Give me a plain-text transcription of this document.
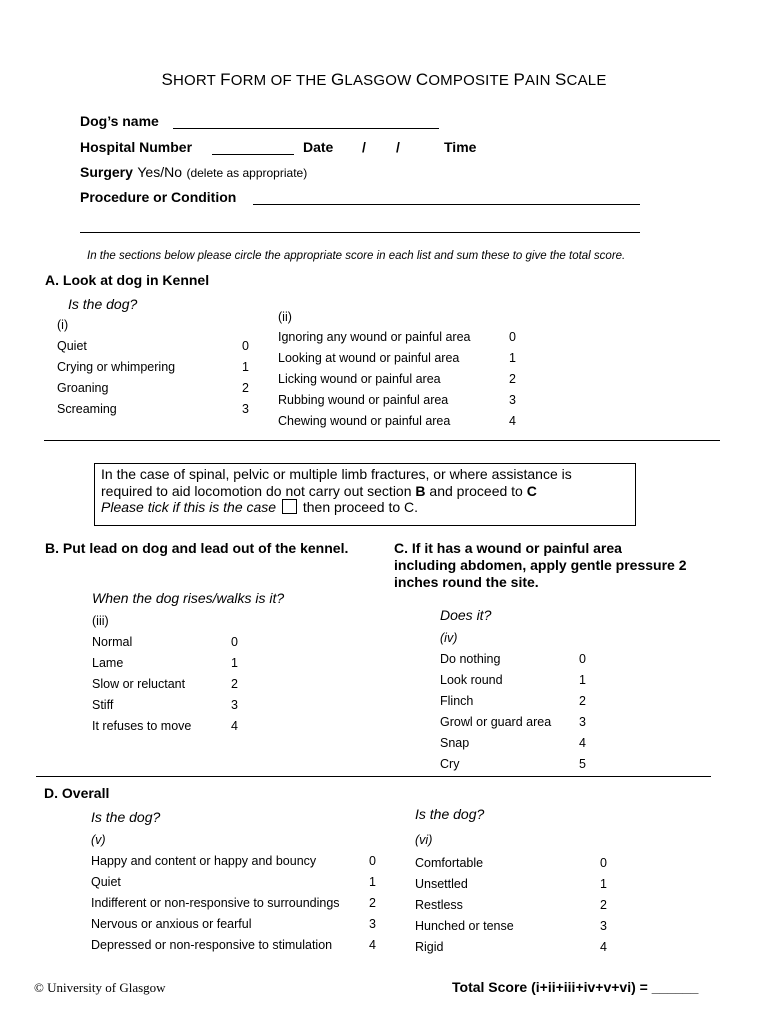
SHORT FORM OF THE GLASGOW COMPOSITE PAIN SCALE
Dog’s name
Hospital Number	Date / /	Time
Surgery Yes/No (delete as appropriate)
Procedure or Condition
In the sections below please circle the appropriate score in each list and sum these to give the total score.
A. Look at dog in Kennel
Is the dog?
(i)
Quiet	0
Crying or whimpering	1
Groaning	2
Screaming	3
(ii)
Ignoring any wound or painful area	0
Looking at wound or painful area	1
Licking wound or painful area	2
Rubbing wound or painful area	3
Chewing wound or painful area	4
In the case of spinal, pelvic or multiple limb fractures, or where assistance is
required to aid locomotion do not carry out section B and proceed to C
Please tick if this is the case  then proceed to C.
B. Put lead on dog and lead out of the kennel.
When the dog rises/walks is it?
(iii)
Normal	0
Lame	1
Slow or reluctant	2
Stiff	3
It refuses to move	4
C. If it has a wound or painful area
including abdomen, apply gentle pressure 2
inches round the site.
Does it?
(iv)
Do nothing	0
Look round	1
Flinch	2
Growl or guard area 3
Snap	4
Cry	5
D. Overall
Is the dog?
(v)
Happy and content or happy and bouncy	0
Quiet	1
Indifferent or non-responsive to surroundings 2
Nervous or anxious or fearful	3
Depressed or non-responsive to stimulation	4
Is the dog?
(vi)
Comfortable	0
Unsettled	1
Restless	2
Hunched or tense	3
Rigid	4
© University of Glasgow	Total Score (i+ii+iii+iv+v+vi) = ______
